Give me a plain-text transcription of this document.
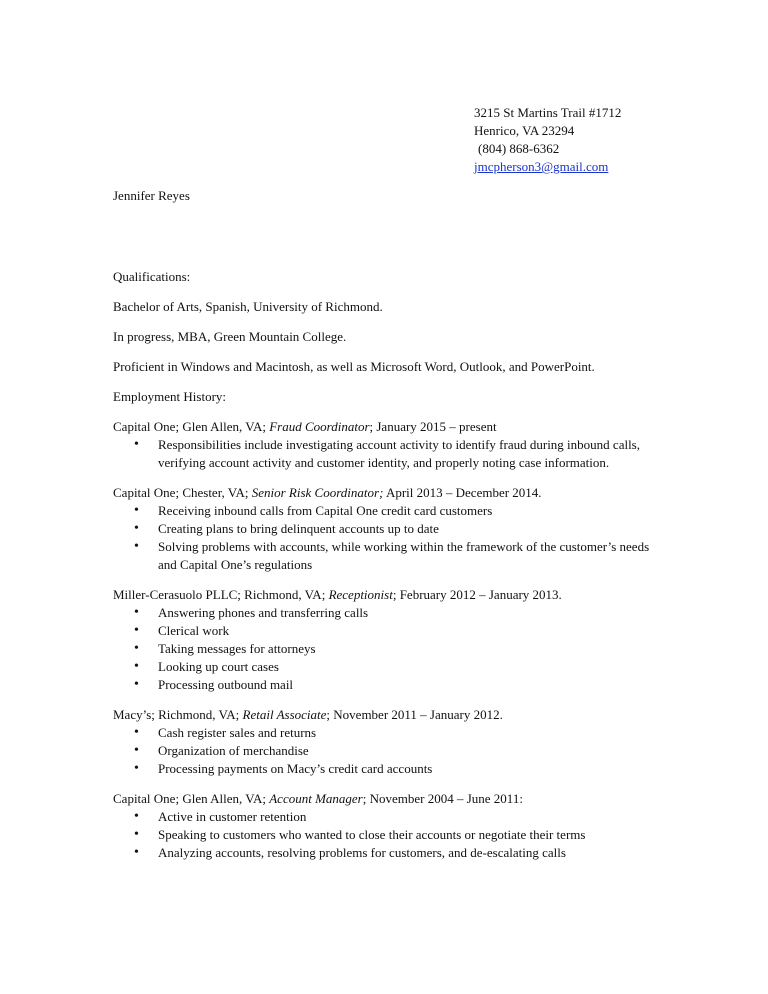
3215 St Martins Trail #1712
Henrico, VA 23294
(804) 868-6362
jmcpherson3@gmail.com
Jennifer Reyes
Qualifications:
Bachelor of Arts, Spanish, University of Richmond.
In progress, MBA, Green Mountain College.
Proficient in Windows and Macintosh, as well as Microsoft Word, Outlook, and PowerPoint.
Employment History:
Capital One; Glen Allen, VA; Fraud Coordinator; January 2015 – present
• Responsibilities include investigating account activity to identify fraud during inbound calls, verifying account activity and customer identity, and properly noting case information.
Capital One; Chester, VA; Senior Risk Coordinator; April 2013 – December 2014.
• Receiving inbound calls from Capital One credit card customers
• Creating plans to bring delinquent accounts up to date
• Solving problems with accounts, while working within the framework of the customer’s needs and Capital One’s regulations
Miller-Cerasuolo PLLC; Richmond, VA; Receptionist; February 2012 – January 2013.
• Answering phones and transferring calls
• Clerical work
• Taking messages for attorneys
• Looking up court cases
• Processing outbound mail
Macy’s; Richmond, VA; Retail Associate; November 2011 – January 2012.
• Cash register sales and returns
• Organization of merchandise
• Processing payments on Macy’s credit card accounts
Capital One; Glen Allen, VA; Account Manager; November 2004 – June 2011:
• Active in customer retention
• Speaking to customers who wanted to close their accounts or negotiate their terms
• Analyzing accounts, resolving problems for customers, and de-escalating calls
